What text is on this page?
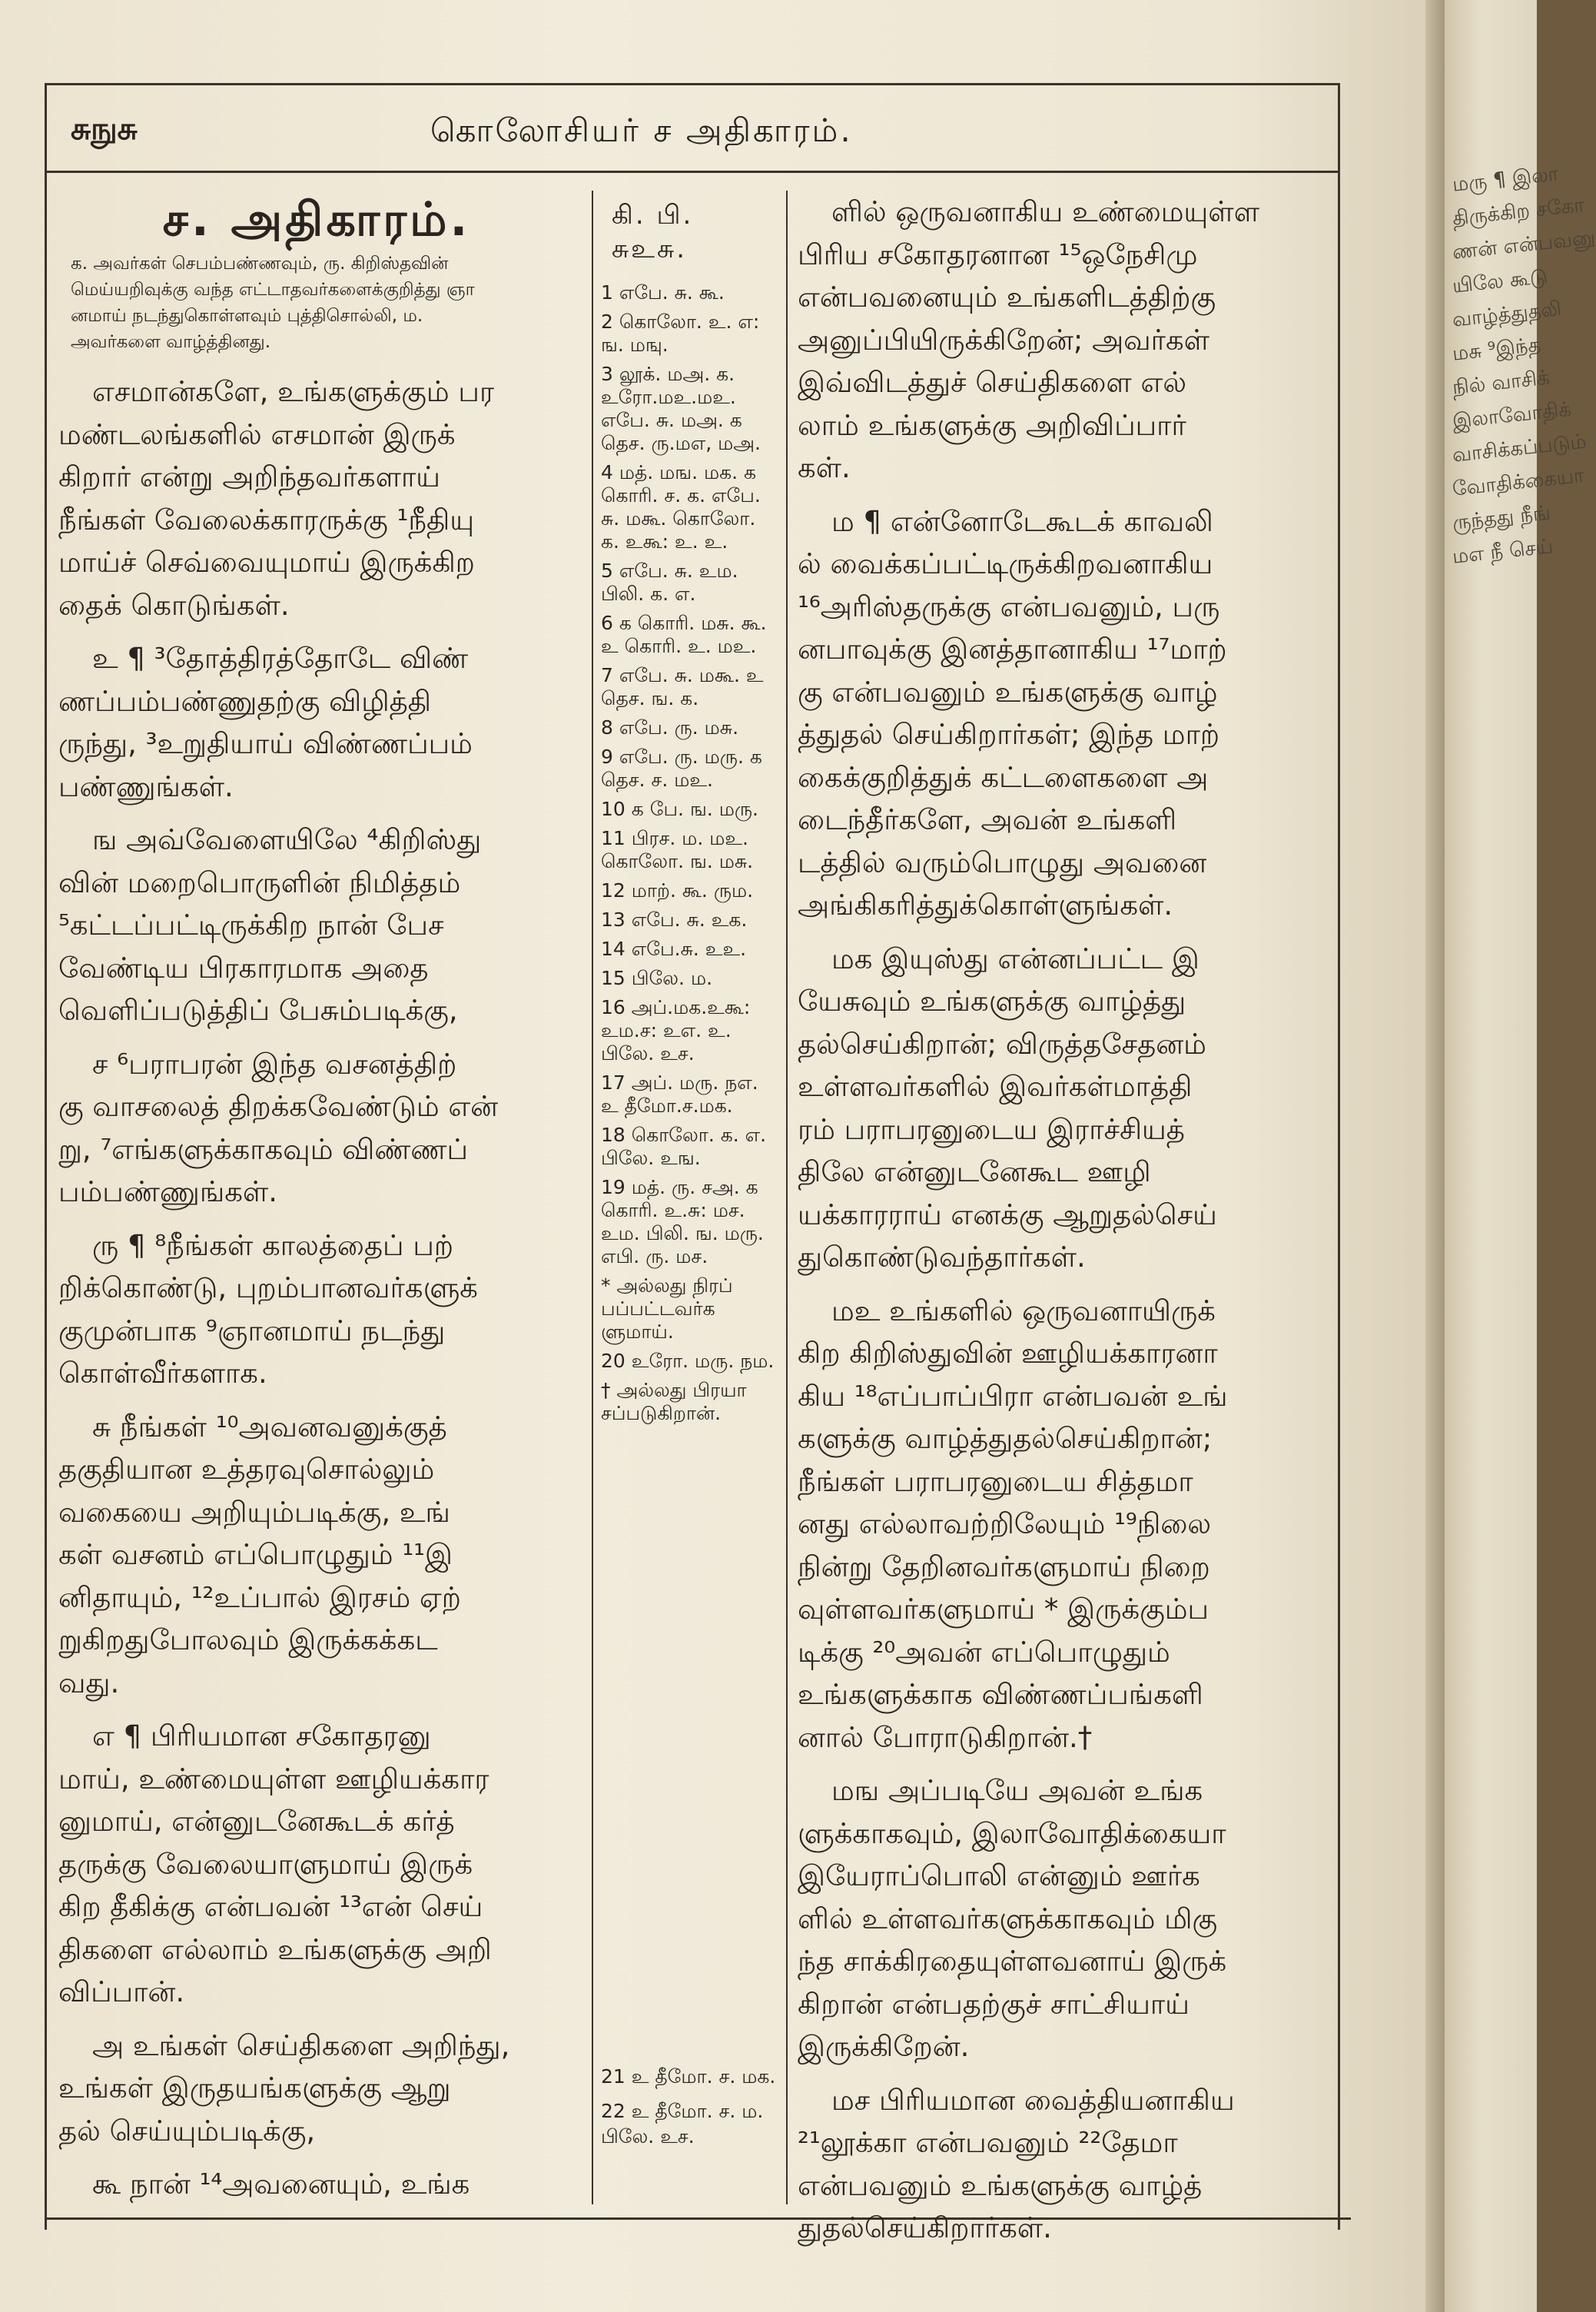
சுநுசு	கொலோசியர் ச அதிகாரம்.
ச. அதிகாரம்.
க. அவர்கள் செபம்பண்ணவும், ரு. கிறிஸ்தவின்
மெய்யறிவுக்கு வந்த எட்டாதவர்களைக்குறித்து ஞா
னமாய் நடந்துகொள்ளவும் புத்திசொல்லி, ம.
அவர்களை வாழ்த்தினது.
எசமான்களே, உங்களுக்கும் பர
மண்டலங்களில் எசமான் இருக்
கிறார் என்று அறிந்தவர்களாய்
நீங்கள் வேலைக்காரருக்கு ¹நீதியு
மாய்ச் செவ்வையுமாய் இருக்கிற
தைக் கொடுங்கள்.
உ ¶ ³தோத்திரத்தோடே விண்
ணப்பம்பண்ணுதற்கு விழித்தி
ருந்து, ³உறுதியாய் விண்ணப்பம்
பண்ணுங்கள்.
ங அவ்வேளையிலே ⁴கிறிஸ்து
வின் மறைபொருளின் நிமித்தம்
⁵கட்டப்பட்டிருக்கிற நான் பேச
வேண்டிய பிரகாரமாக அதை
வெளிப்படுத்திப் பேசும்படிக்கு,
ச ⁶பராபரன் இந்த வசனத்திற்
கு வாசலைத் திறக்கவேண்டும் என்
று, ⁷எங்களுக்காகவும் விண்ணப்
பம்பண்ணுங்கள்.
ரு ¶ ⁸நீங்கள் காலத்தைப் பற்
றிக்கொண்டு, புறம்பானவர்களுக்
குமுன்பாக ⁹ஞானமாய் நடந்து
கொள்வீர்களாக.
சு நீங்கள் ¹⁰அவனவனுக்குத்
தகுதியான உத்தரவுசொல்லும்
வகையை அறியும்படிக்கு, உங்
கள் வசனம் எப்பொழுதும் ¹¹இ
னிதாயும், ¹²உப்பால் இரசம் ஏற்
றுகிறதுபோலவும் இருக்கக்கட
வது.
எ ¶ பிரியமான சகோதரனு
மாய், உண்மையுள்ள ஊழியக்கார
னுமாய், என்னுடனேகூடக் கர்த்
தருக்கு வேலையாளுமாய் இருக்
கிற தீகிக்கு என்பவன் ¹³என் செய்
திகளை எல்லாம் உங்களுக்கு அறி
விப்பான்.
அ உங்கள் செய்திகளை அறிந்து,
உங்கள் இருதயங்களுக்கு ஆறு
தல் செய்யும்படிக்கு,
கூ நான் ¹⁴அவனையும், உங்க
கி. பி. சுஉசு.
1 எபே. சு. கூ.
2 கொலோ. உ. எ: ங. மஙு.
3 லூக். மஅ. க. உரோ.மஉ.மஉ. எபே. சு. மஅ. க தெச. ரு.மஎ, மஅ.
4 மத். மங. மக. க கொரி. ச. க. எபே. சு. மகூ. கொலோ. க. உகூ: உ. உ.
5 எபே. சு. உம. பிலி. க. எ.
6 க கொரி. மசு. கூ. உ கொரி. உ. மஉ.
7 எபே. சு. மகூ. உ தெச. ங. க.
8 எபே. ரு. மசு.
9 எபே. ரு. மரு. க தெச. ச. மஉ.
10 க பே. ங. மரு.
11 பிரச. ம. மஉ. கொலோ. ங. மசு.
12 மாற். கூ. ரும.
13 எபே. சு. உக.
14 எபே.சு. உஉ.
15 பிலே. ம.
16 அப்.மக.உகூ: உம.ச: உஎ. உ. பிலே. உச.
17 அப். மரு. நஎ. உ தீமோ.ச.மக.
18 கொலோ. க. எ. பிலே. உங.
19 மத். ரு. சஅ. க கொரி. உ.சு: மச. உம. பிலி. ங. மரு. எபி. ரு. மச.
* அல்லது நிரப் பப்பட்டவர்க ளுமாய்.
20 உரோ. மரு. நம.
† அல்லது பிரயா சப்படுகிறான்.
21 உ தீமோ. ச. மக.
22 உ தீமோ. ச. ம. பிலே. உச.
ளில் ஒருவனாகிய உண்மையுள்ள
பிரிய சகோதரனான ¹⁵ஒநேசிமு
என்பவனையும் உங்களிடத்திற்கு
அனுப்பியிருக்கிறேன்; அவர்கள்
இவ்விடத்துச் செய்திகளை எல்
லாம் உங்களுக்கு அறிவிப்பார்
கள்.
ம ¶ என்னோடேகூடக் காவலி
ல் வைக்கப்பட்டிருக்கிறவனாகிய
¹⁶அரிஸ்தருக்கு என்பவனும், பரு
னபாவுக்கு இனத்தானாகிய ¹⁷மாற்
கு என்பவனும் உங்களுக்கு வாழ்
த்துதல் செய்கிறார்கள்; இந்த மாற்
கைக்குறித்துக் கட்டளைகளை அ
டைந்தீர்களே, அவன் உங்களி
டத்தில் வரும்பொழுது அவனை
அங்கிகரித்துக்கொள்ளுங்கள்.
மக இயுஸ்து என்னப்பட்ட இ
யேசுவும் உங்களுக்கு வாழ்த்து
தல்செய்கிறான்; விருத்தசேதனம்
உள்ளவர்களில் இவர்கள்மாத்தி
ரம் பராபரனுடைய இராச்சியத்
திலே என்னுடனேகூட ஊழி
யக்காரராய் எனக்கு ஆறுதல்செய்
துகொண்டுவந்தார்கள்.
மஉ உங்களில் ஒருவனாயிருக்
கிற கிறிஸ்துவின் ஊழியக்காரனா
கிய ¹⁸எப்பாப்பிரா என்பவன் உங்
களுக்கு வாழ்த்துதல்செய்கிறான்;
நீங்கள் பராபரனுடைய சித்தமா
னது எல்லாவற்றிலேயும் ¹⁹நிலை
நின்று தேறினவர்களுமாய் நிறை
வுள்ளவர்களுமாய் * இருக்கும்ப
டிக்கு ²⁰அவன் எப்பொழுதும்
உங்களுக்காக விண்ணப்பங்களி
னால் போராடுகிறான்.†
மங அப்படியே அவன் உங்க
ளுக்காகவும், இலாவோதிக்கையா
இயேராப்பொலி என்னும் ஊர்க
ளில் உள்ளவர்களுக்காகவும் மிகு
ந்த சாக்கிரதையுள்ளவனாய் இருக்
கிறான் என்பதற்குச் சாட்சியாய்
இருக்கிறேன்.
மச பிரியமான வைத்தியனாகிய
²¹லூக்கா என்பவனும் ²²தேமா
என்பவனும் உங்களுக்கு வாழ்த்
துதல்செய்கிறார்கள்.
மரு ¶ இலா
திருக்கிற சகோ
ணன் என்பவனு
யிலே கூடு
வாழ்த்துதலி
மசு ⁹இந்த
நில் வாசிக்
இலாவோதிக்
வாசிக்கப்படும்
வோதிக்கையா
ருந்தது நீங்
மஎ நீ செய்
